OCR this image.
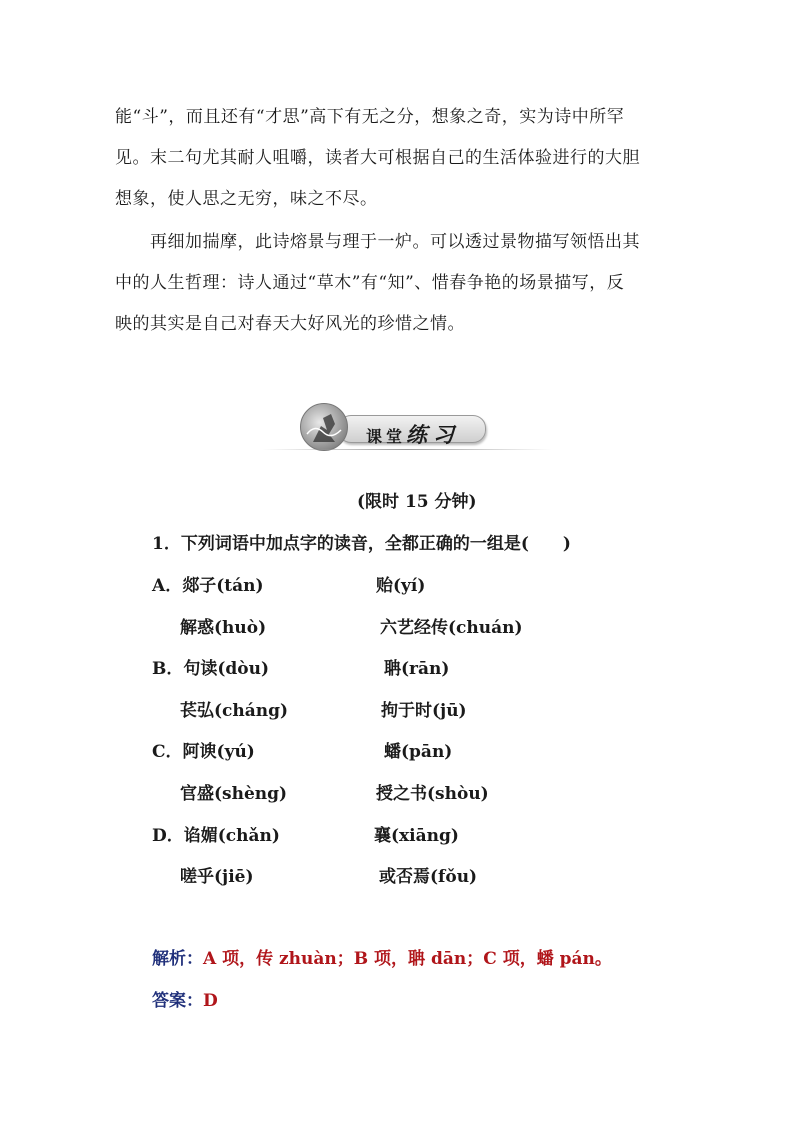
能“斗”，而且还有“才思”高下有无之分，想象之奇，实为诗中所罕
见。末二句尤其耐人咀嚼，读者大可根据自己的生活体验进行的大胆
想象，使人思之无穷，味之不尽。
　　再细加揣摩，此诗熔景与理于一炉。可以透过景物描写领悟出其
中的人生哲理：诗人通过“草木”有“知”、惜春争艳的场景描写，反
映的其实是自己对春天大好风光的珍惜之情。
课堂练习
(限时 15 分钟)
1．下列词语中加点字的读音，全都正确的一组是(　　)
A．郯子(tán)	贻(yí)
解惑(huò)	六艺经传(chuán)
B．句读(dòu)	聃(rān)
苌弘(cháng)	拘于时(jū)
C．阿谀(yú)	蟠(pān)
官盛(shèng)	授之书(shòu)
D．谄媚(chǎn)	襄(xiāng)
嗟乎(jiē)	或否焉(fǒu)
解析：A 项，传 zhuàn；B 项，聃 dān；C 项，蟠 pán。
答案：D
